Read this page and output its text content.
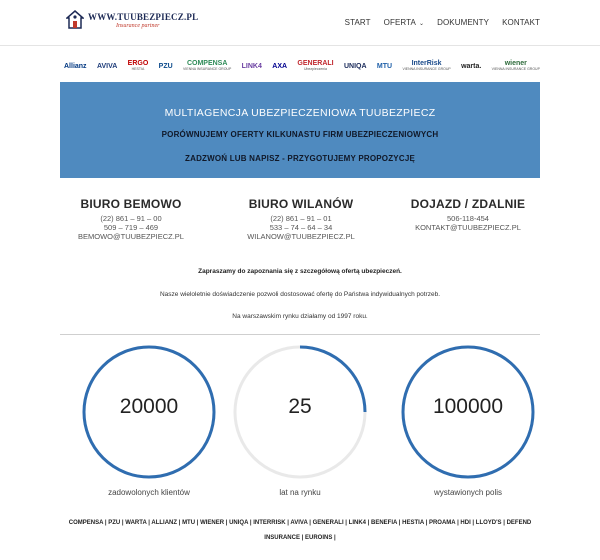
WWW.TUUBEZPIECZ.PL
Insurance partner	START OFERTA ⌄ DOKUMENTY KONTAKT
Allianz AVIVA ERGO
HESTIA	PZU	COMPENSA
VIENNA INSURANCE GROUP LINK4 AXA GENERALI
Ubezpieczenia	UNIQA MTU	InterRisk
VIENNA INSURANCE GROUP warta.	wiener
VIENNA INSURANCE GROUP
MULTIAGENCJA UBEZPIECZENIOWA TUUBEZPIECZ
PORÓWNUJEMY OFERTY KILKUNASTU FIRM UBEZPIECZENIOWYCH
ZADZWOŃ LUB NAPISZ - PRZYGOTUJEMY PROPOZYCJĘ
BIURO BEMOWO
(22) 861 – 91 – 00
509 – 719 – 469
BEMOWO@TUUBEZPIECZ.PL
BIURO WILANÓW
(22) 861 – 91 – 01
533 – 74 – 64 – 34
WILANOW@TUUBEZPIECZ.PL
DOJAZD / ZDALNIE
506-118-454
KONTAKT@TUUBEZPIECZ.PL
Zapraszamy do zapoznania się z szczegółową ofertą ubezpieczeń.
Nasze wieloletnie doświadczenie pozwoli dostosować ofertę do Państwa indywidualnych potrzeb.
Na warszawskim rynku działamy od 1997 roku.
20000
zadowolonych klientów
25
lat na rynku
100000
wystawionych polis
COMPENSA | PZU | WARTA | ALLIANZ | MTU | WIENER | UNIQA | INTERRISK | AVIVA | GENERALI | LINK4 | BENEFIA | HESTIA | PROAMA | HDI | LLOYD'S | DEFEND INSURANCE | EUROINS |
